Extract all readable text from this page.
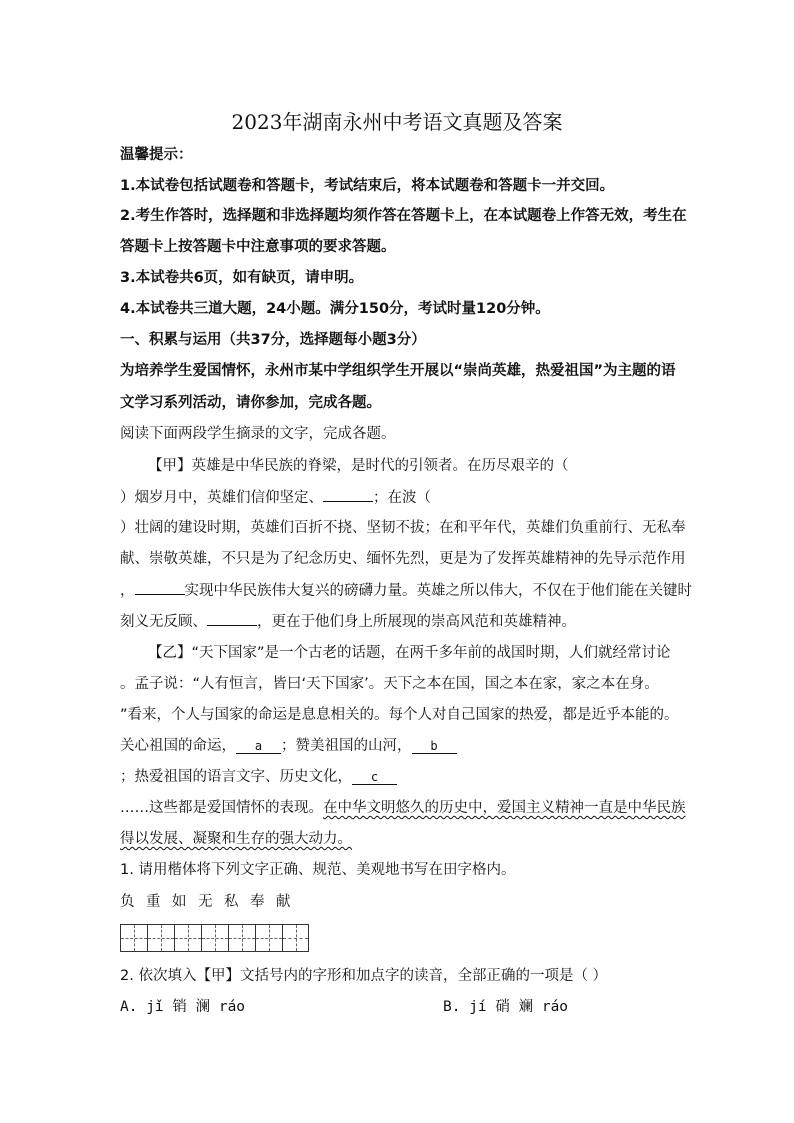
2023年湖南永州中考语文真题及答案
温馨提示：
1.本试卷包括试题卷和答题卡，考试结束后，将本试题卷和答题卡一并交回。
2.考生作答时，选择题和非选择题均须作答在答题卡上，在本试题卷上作答无效，考生在
答题卡上按答题卡中注意事项的要求答题。
3.本试卷共6页，如有缺页，请申明。
4.本试卷共三道大题，24小题。满分150分，考试时量120分钟。
一、积累与运用（共37分，选择题每小题3分）
为培养学生爱国情怀，永州市某中学组织学生开展以“崇尚英雄，热爱祖国”为主题的语
文学习系列活动，请你参加，完成各题。
阅读下面两段学生摘录的文字，完成各题。
【甲】英雄是中华民族的脊梁，是时代的引领者。在历尽艰辛的（
）烟岁月中，英雄们信仰坚定、	；在波（
）壮阔的建设时期，英雄们百折不挠、坚韧不拔；在和平年代，英雄们负重前行、无私奉
献、崇敬英雄，不只是为了纪念历史、缅怀先烈，更是为了发挥英雄精神的先导示范作用
，	实现中华民族伟大复兴的磅礴力量。英雄之所以伟大，不仅在于他们能在关键时
刻义无反顾、	，更在于他们身上所展现的崇高风范和英雄精神。
【乙】“天下国家”是一个古老的话题，在两千多年前的战国时期，人们就经常讨论
。孟子说：“人有恒言，皆曰‘天下国家’。天下之本在国，国之本在家，家之本在身。
”看来，个人与国家的命运是息息相关的。每个人对自己国家的热爱，都是近乎本能的。
关心祖国的命运， a ；赞美祖国的山河， b
；热爱祖国的语言文字、历史文化， c
……这些都是爱国情怀的表现。在中华文明悠久的历史中，爱国主义精神一直是中华民族
得以发展、凝聚和生存的强大动力。
1. 请用楷体将下列文字正确、规范、美观地书写在田字格内。
负 重 如 无 私 奉 献
2. 依次填入【甲】文括号内的字形和加点字的读音，全部正确的一项是（ ）
A. jǐ 销 澜 ráo	B. jí 硝 斓 ráo
